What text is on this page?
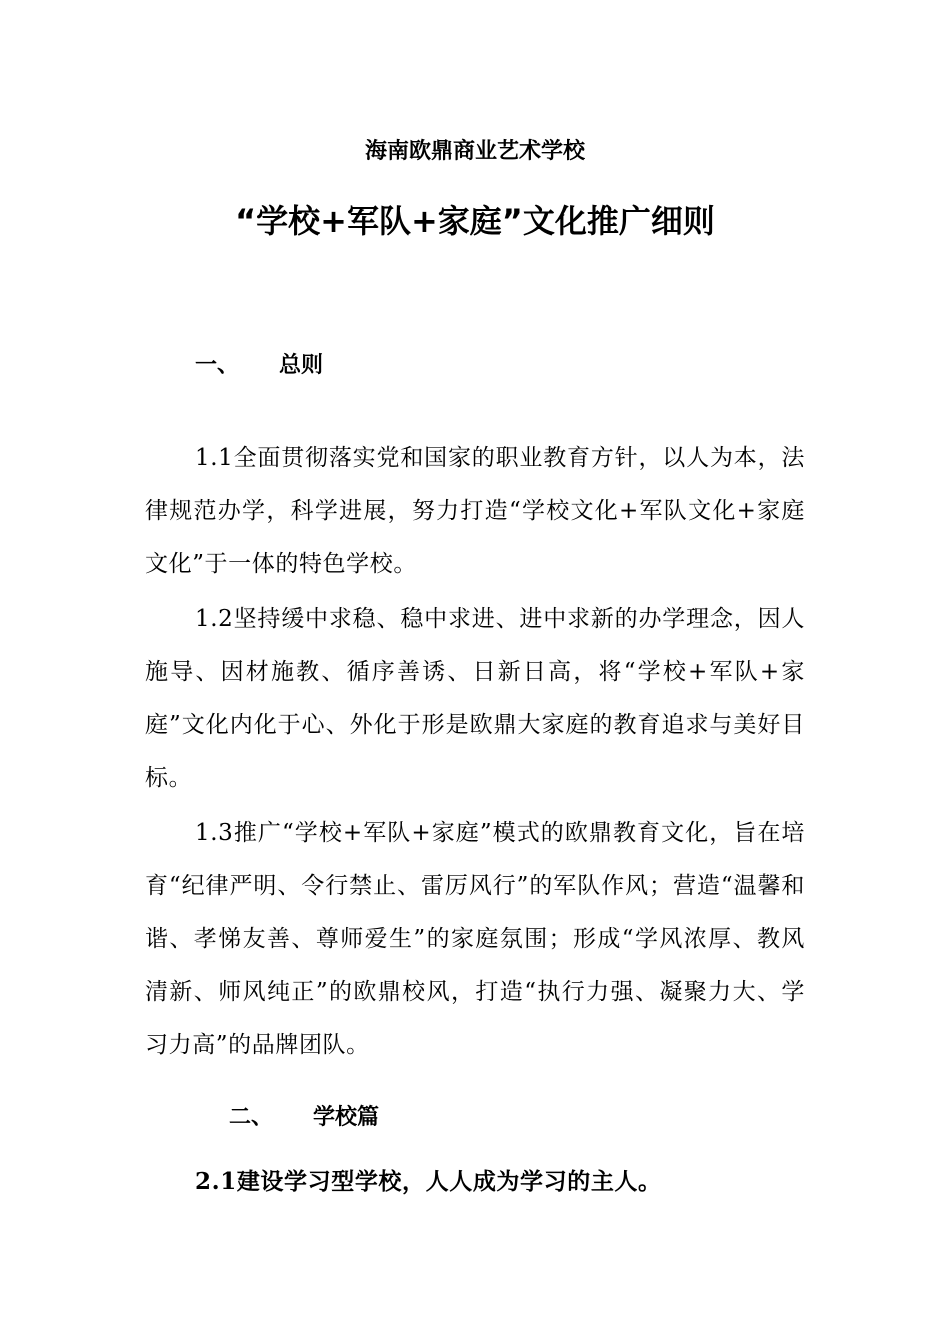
海南欧鼎商业艺术学校
“学校+军队+家庭”文化推广细则
一、 总则

1.1全面贯彻落实党和国家的职业教育方针，以人为本，法律规范办学，科学进展，努力打造“学校文化+军队文化+家庭文化”于一体的特色学校。

1.2坚持缓中求稳、稳中求进、进中求新的办学理念，因人施导、因材施教、循序善诱、日新日高，将“学校+军队+家庭”文化内化于心、外化于形是欧鼎大家庭的教育追求与美好目标。

1.3推广“学校+军队+家庭”模式的欧鼎教育文化，旨在培育“纪律严明、令行禁止、雷厉风行”的军队作风；营造“温馨和谐、孝悌友善、尊师爱生”的家庭氛围；形成“学风浓厚、教风清新、师风纯正”的欧鼎校风，打造“执行力强、凝聚力大、学习力高”的品牌团队。

二、 学校篇
2.1建设学习型学校，人人成为学习的主人。
